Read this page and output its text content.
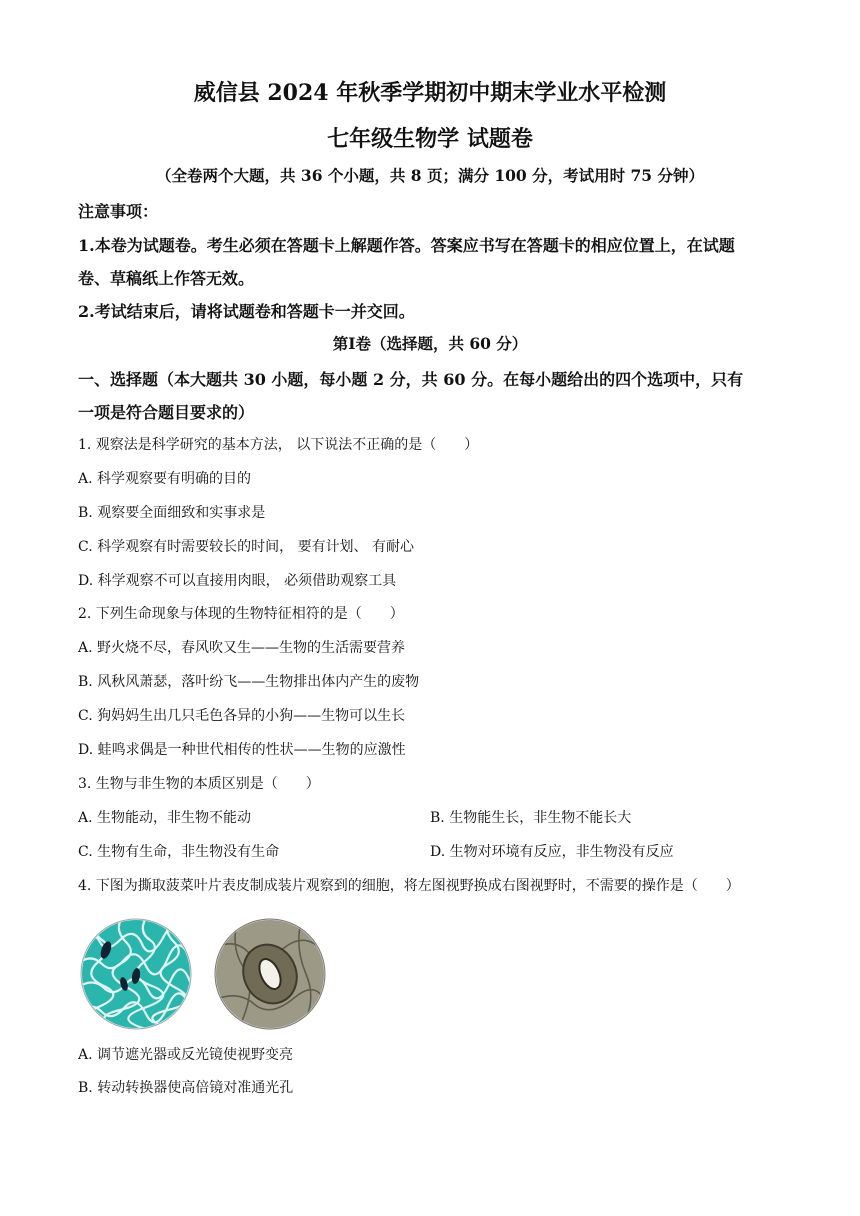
威信县 2024 年秋季学期初中期末学业水平检测
七年级生物学 试题卷
（全卷两个大题，共 36 个小题，共 8 页；满分 100 分，考试用时 75 分钟）
注意事项：
1.本卷为试题卷。考生必须在答题卡上解题作答。答案应书写在答题卡的相应位置上，在试题
卷、草稿纸上作答无效。
2.考试结束后，请将试题卷和答题卡一并交回。
第Ⅰ卷（选择题，共 60 分）
一、选择题（本大题共 30 小题，每小题 2 分，共 60 分。在每小题给出的四个选项中，只有
一项是符合题目要求的）
1. 观察法是科学研究的基本方法， 以下说法不正确的是（　　）
A. 科学观察要有明确的目的
B. 观察要全面细致和实事求是
C. 科学观察有时需要较长的时间， 要有计划、 有耐心
D. 科学观察不可以直接用肉眼， 必须借助观察工具
2. 下列生命现象与体现的生物特征相符的是（　　）
A. 野火烧不尽，春风吹又生——生物的生活需要营养
B. 风秋风萧瑟，落叶纷飞——生物排出体内产生的废物
C. 狗妈妈生出几只毛色各异的小狗——生物可以生长
D. 蛙鸣求偶是一种世代相传的性状——生物的应激性
3. 生物与非生物的本质区别是（　　）
A. 生物能动，非生物不能动	B. 生物能生长，非生物不能长大
C. 生物有生命，非生物没有生命	D. 生物对环境有反应，非生物没有反应
4. 下图为撕取菠菜叶片表皮制成装片观察到的细胞，将左图视野换成右图视野时，不需要的操作是（　　）
A. 调节遮光器或反光镜使视野变亮
B. 转动转换器使高倍镜对准通光孔
